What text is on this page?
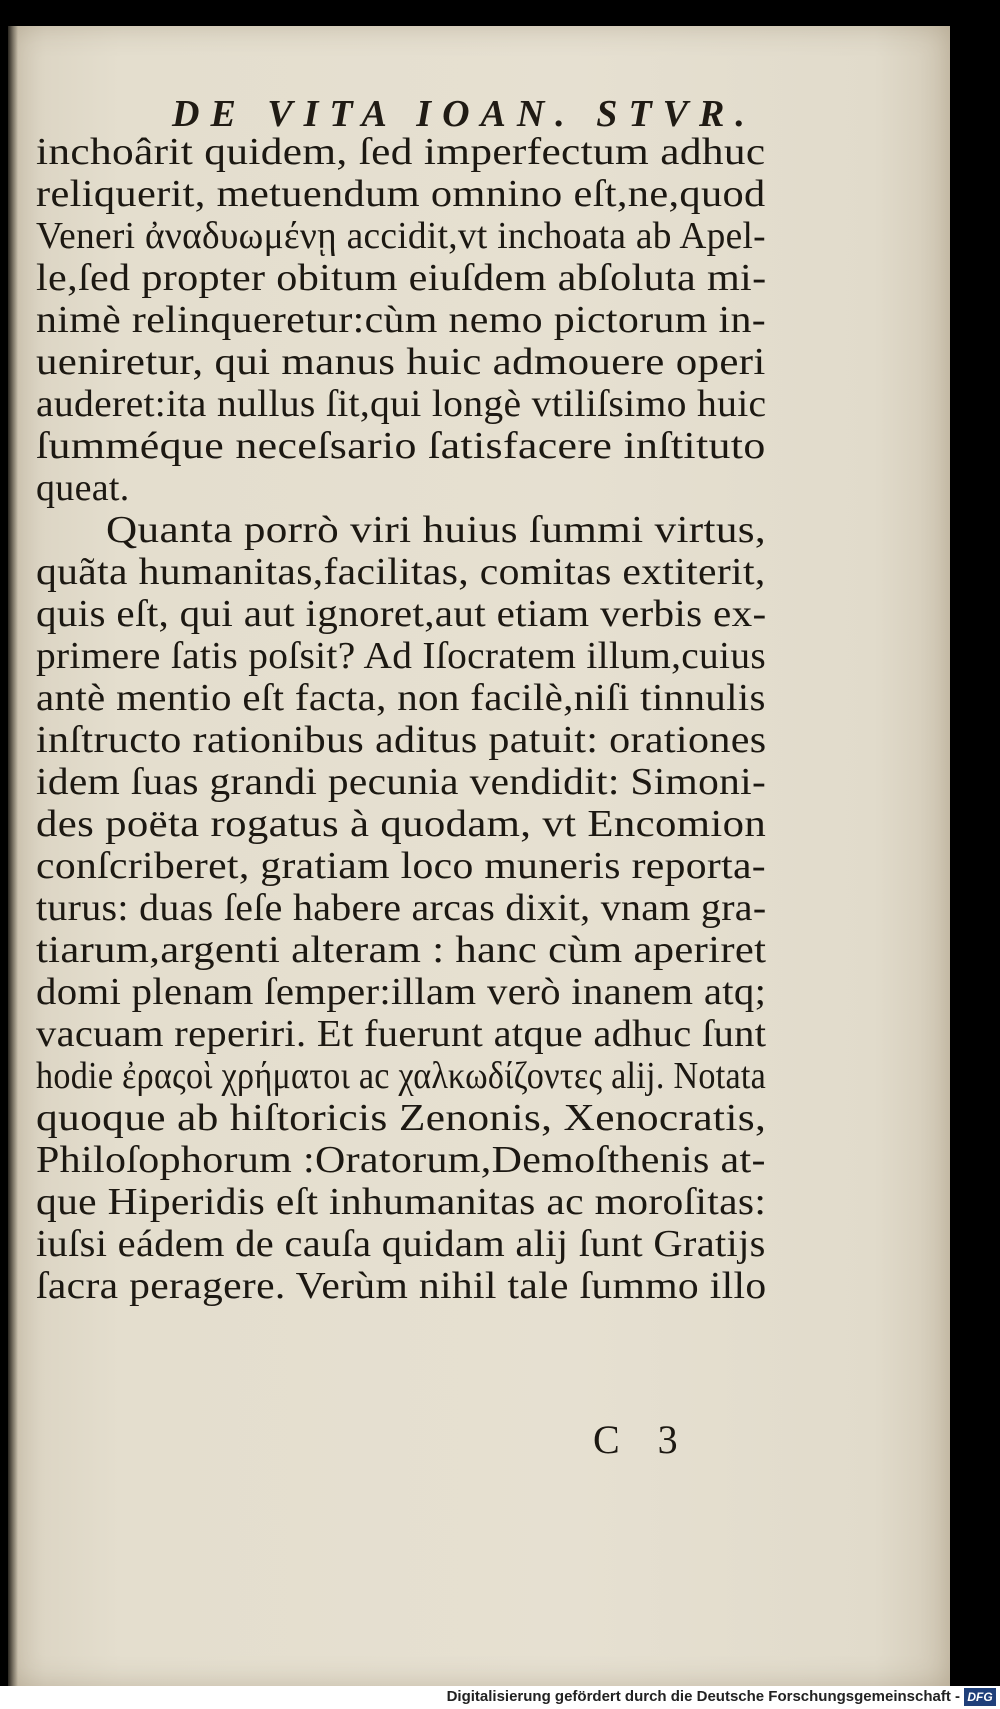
DE VITA IOAN. STVR.
inchoârit quidem, ſed imperfectum adhuc
reliquerit, metuendum omnino eſt,ne,quod
Veneri ἀναδυωμένῃ accidit,vt inchoata ab Apel-
le,ſed propter obitum eiuſdem abſoluta mi-
nimè relinqueretur:cùm nemo pictorum in-
ueniretur, qui manus huic admouere operi
auderet:ita nullus ſit,qui longè vtiliſsimo huic
ſumméque neceſsario ſatisfacere inſtituto
queat.
Quanta porrò viri huius ſummi virtus,
quãta humanitas,facilitas, comitas extiterit,
quis eſt, qui aut ignoret,aut etiam verbis ex-
primere ſatis poſsit? Ad Iſocratem illum,cuius
antè mentio eſt facta, non facilè,niſi tinnulis
inſtructo rationibus aditus patuit: orationes
idem ſuas grandi pecunia vendidit: Simoni-
des poëta rogatus à quodam, vt Encomion
conſcriberet, gratiam loco muneris reporta-
turus: duas ſeſe habere arcas dixit, vnam gra-
tiarum,argenti alteram : hanc cùm aperiret
domi plenam ſemper:illam verò inanem atq;
vacuam reperiri. Et fuerunt atque adhuc ſunt
hodie ἐραςοὶ χρήματοι ac χαλκωδίζοντες alij. Notata
quoque ab hiſtoricis Zenonis, Xenocratis,
Philoſophorum :Oratorum,Demoſthenis at-
que Hiperidis eſt inhumanitas ac moroſitas:
iuſsi eádem de cauſa quidam alij ſunt Gratijs
ſacra peragere. Verùm nihil tale ſummo illo
C 3
Digitalisierung gefördert durch die Deutsche Forschungsgemeinschaft - DFG
